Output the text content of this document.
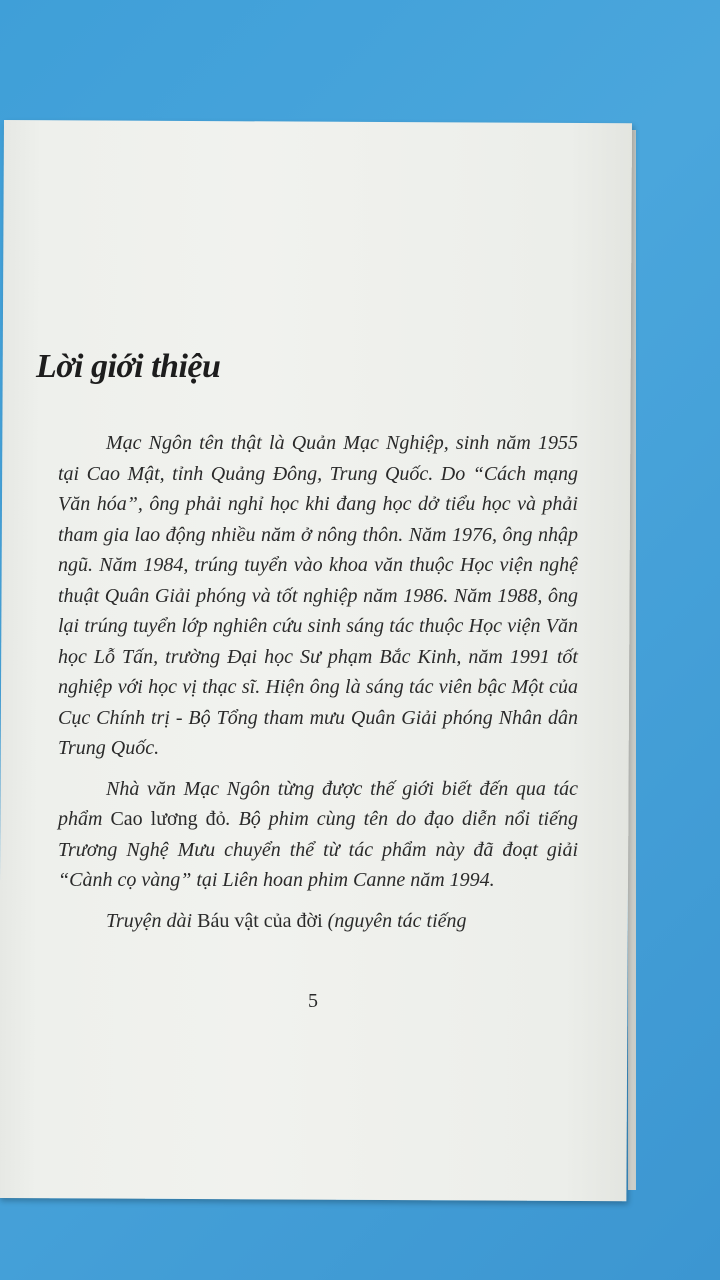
Lời giới thiệu

Mạc Ngôn tên thật là Quản Mạc Nghiệp, sinh năm 1955 tại Cao Mật, tỉnh Quảng Đông, Trung Quốc. Do “Cách mạng Văn hóa”, ông phải nghỉ học khi đang học dở tiểu học và phải tham gia lao động nhiều năm ở nông thôn. Năm 1976, ông nhập ngũ. Năm 1984, trúng tuyển vào khoa văn thuộc Học viện nghệ thuật Quân Giải phóng và tốt nghiệp năm 1986. Năm 1988, ông lại trúng tuyển lớp nghiên cứu sinh sáng tác thuộc Học viện Văn học Lỗ Tấn, trường Đại học Sư phạm Bắc Kinh, năm 1991 tốt nghiệp với học vị thạc sĩ. Hiện ông là sáng tác viên bậc Một của Cục Chính trị - Bộ Tổng tham mưu Quân Giải phóng Nhân dân Trung Quốc.

Nhà văn Mạc Ngôn từng được thế giới biết đến qua tác phẩm Cao lương đỏ. Bộ phim cùng tên do đạo diễn nổi tiếng Trương Nghệ Mưu chuyển thể từ tác phẩm này đã đoạt giải “Cành cọ vàng” tại Liên hoan phim Canne năm 1994.

Truyện dài Báu vật của đời (nguyên tác tiếng

5
